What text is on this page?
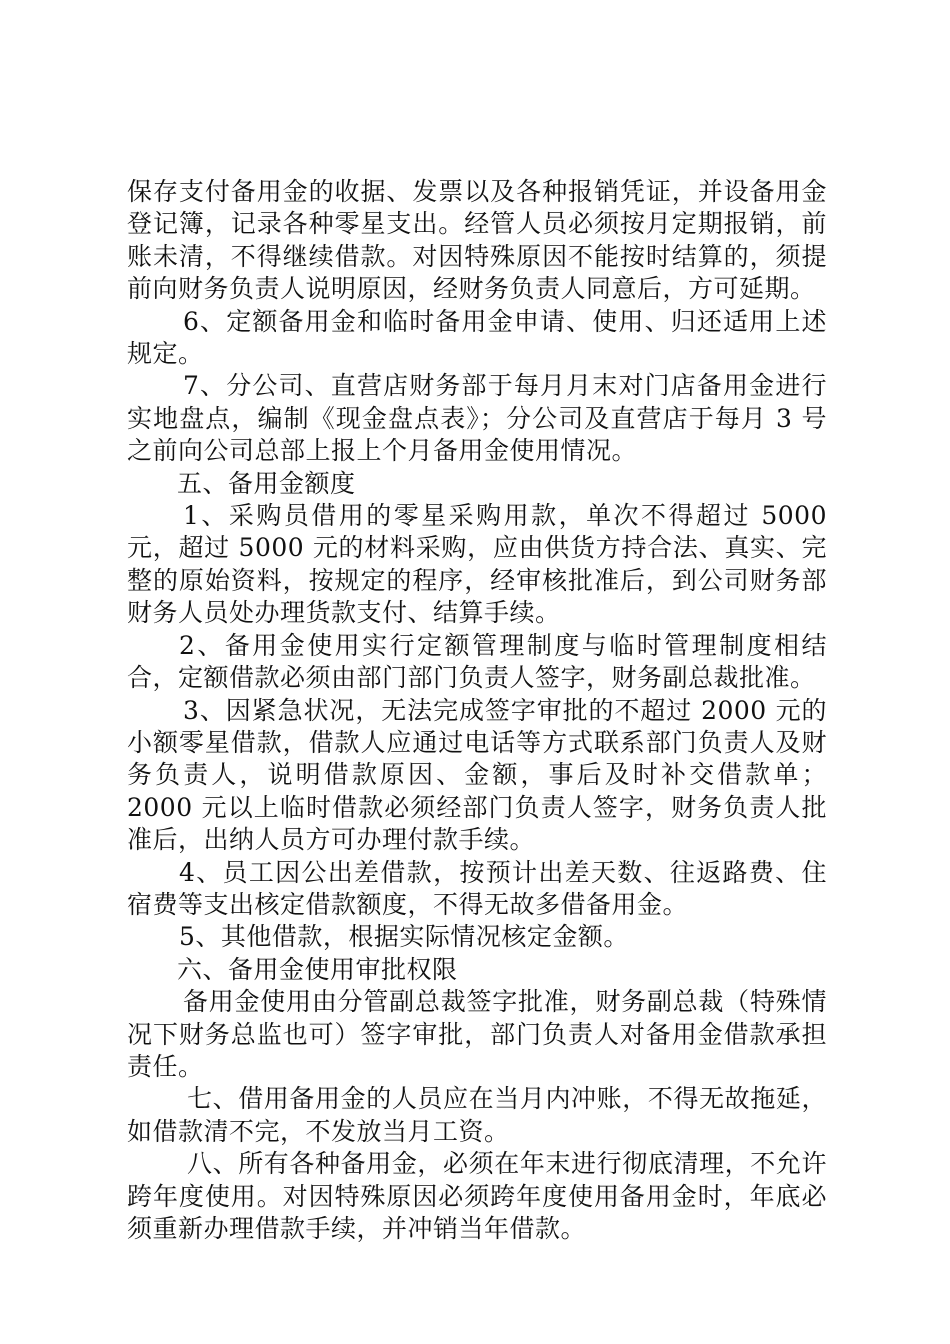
保存支付备用金的收据、发票以及各种报销凭证，并设备用金登记簿，记录各种零星支出。经管人员必须按月定期报销，前账未清，不得继续借款。对因特殊原因不能按时结算的，须提前向财务负责人说明原因，经财务负责人同意后，方可延期。

6、定额备用金和临时备用金申请、使用、归还适用上述规定。

7、分公司、直营店财务部于每月月末对门店备用金进行实地盘点，编制《现金盘点表》；分公司及直营店于每月 3 号之前向公司总部上报上个月备用金使用情况。

五、备用金额度

1、采购员借用的零星采购用款，单次不得超过 5000 元，超过 5000 元的材料采购，应由供货方持合法、真实、完整的原始资料，按规定的程序，经审核批准后，到公司财务部财务人员处办理货款支付、结算手续。

2、备用金使用实行定额管理制度与临时管理制度相结合，定额借款必须由部门部门负责人签字，财务副总裁批准。

3、因紧急状况，无法完成签字审批的不超过 2000 元的小额零星借款，借款人应通过电话等方式联系部门负责人及财务负责人，说明借款原因、金额，事后及时补交借款单；2000 元以上临时借款必须经部门负责人签字，财务负责人批准后，出纳人员方可办理付款手续。

4、员工因公出差借款，按预计出差天数、往返路费、住宿费等支出核定借款额度，不得无故多借备用金。

5、其他借款，根据实际情况核定金额。

六、备用金使用审批权限

备用金使用由分管副总裁签字批准，财务副总裁（特殊情况下财务总监也可）签字审批，部门负责人对备用金借款承担责任。

七、借用备用金的人员应在当月内冲账，不得无故拖延，如借款清不完，不发放当月工资。

八、所有各种备用金，必须在年末进行彻底清理，不允许跨年度使用。对因特殊原因必须跨年度使用备用金时，年底必须重新办理借款手续，并冲销当年借款。
